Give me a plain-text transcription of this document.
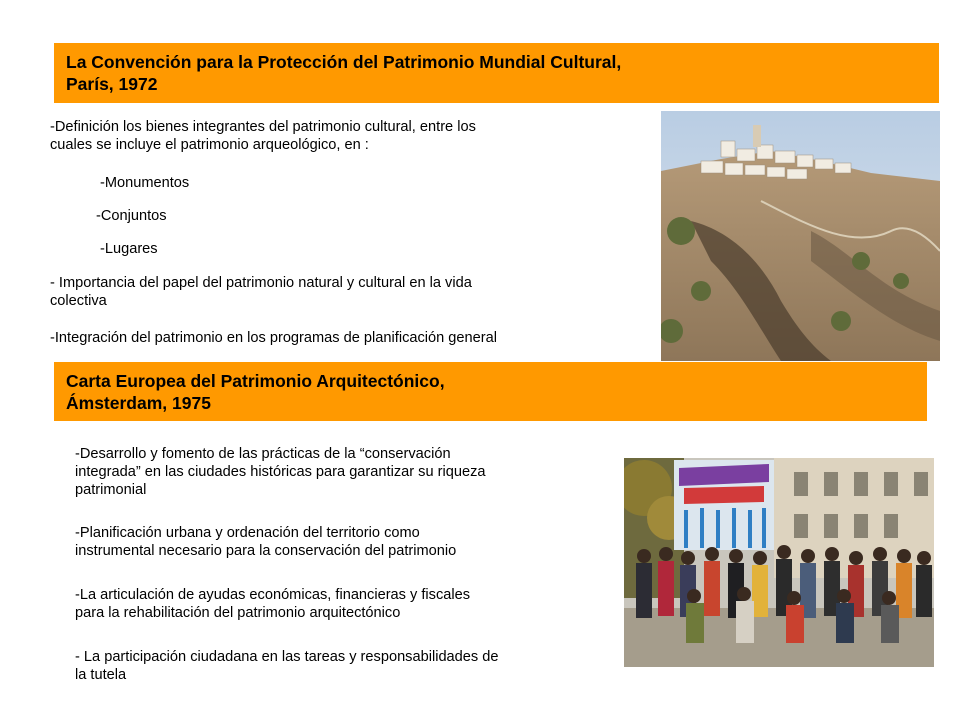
La Convención para la Protección del Patrimonio Mundial Cultural,
París, 1972

-Definición los bienes integrantes del patrimonio cultural, entre los

cuales se incluye el patrimonio arqueológico, en :

-Monumentos

-Conjuntos

-Lugares

- Importancia del papel del patrimonio natural y cultural en la vida

colectiva

-Integración del patrimonio en los programas de planificación general

Carta Europea del Patrimonio Arquitectónico,
Ámsterdam, 1975

-Desarrollo y fomento de las prácticas de la “conservación

integrada” en las ciudades históricas para garantizar su riqueza

patrimonial

-Planificación urbana y ordenación del territorio como

instrumental necesario para la conservación del patrimonio

-La articulación de ayudas económicas, financieras y fiscales

para la rehabilitación del patrimonio arquitectónico

- La participación ciudadana en las tareas y responsabilidades de

la tutela
